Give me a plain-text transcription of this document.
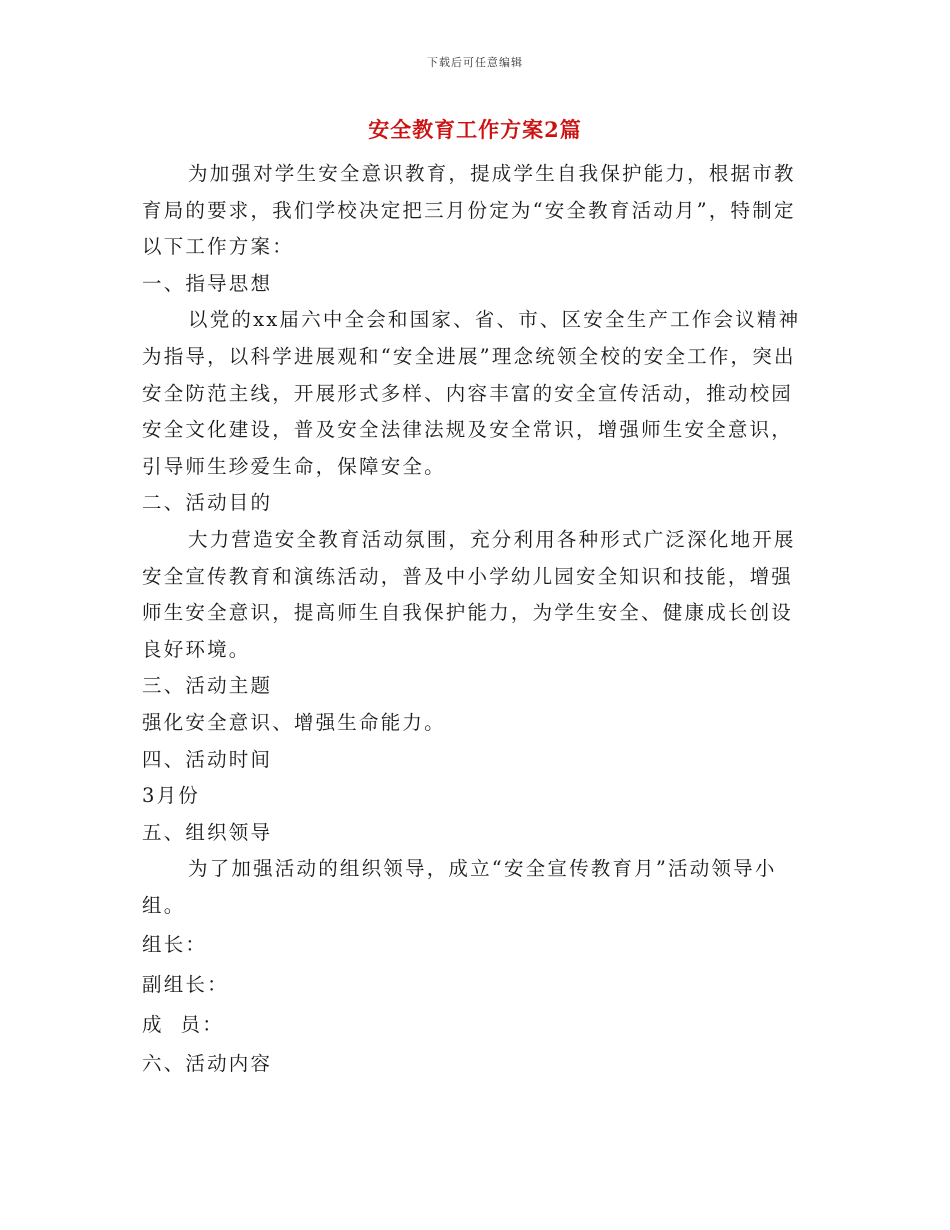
下载后可任意编辑
安全教育工作方案2篇

为加强对学生安全意识教育，提成学生自我保护能力，根据市教育局的要求，我们学校决定把三月份定为“安全教育活动月”，特制定以下工作方案：

一、指导思想

以党的xx届六中全会和国家、省、市、区安全生产工作会议精神为指导，以科学进展观和“安全进展”理念统领全校的安全工作，突出安全防范主线，开展形式多样、内容丰富的安全宣传活动，推动校园安全文化建设，普及安全法律法规及安全常识，增强师生安全意识，引导师生珍爱生命，保障安全。

二、活动目的

大力营造安全教育活动氛围，充分利用各种形式广泛深化地开展安全宣传教育和演练活动，普及中小学幼儿园安全知识和技能，增强师生安全意识，提高师生自我保护能力，为学生安全、健康成长创设良好环境。

三、活动主题

强化安全意识、增强生命能力。

四、活动时间

3月份

五、组织领导

为了加强活动的组织领导，成立“安全宣传教育月”活动领导小组。

组长：

副组长：

成  员：

六、活动内容
